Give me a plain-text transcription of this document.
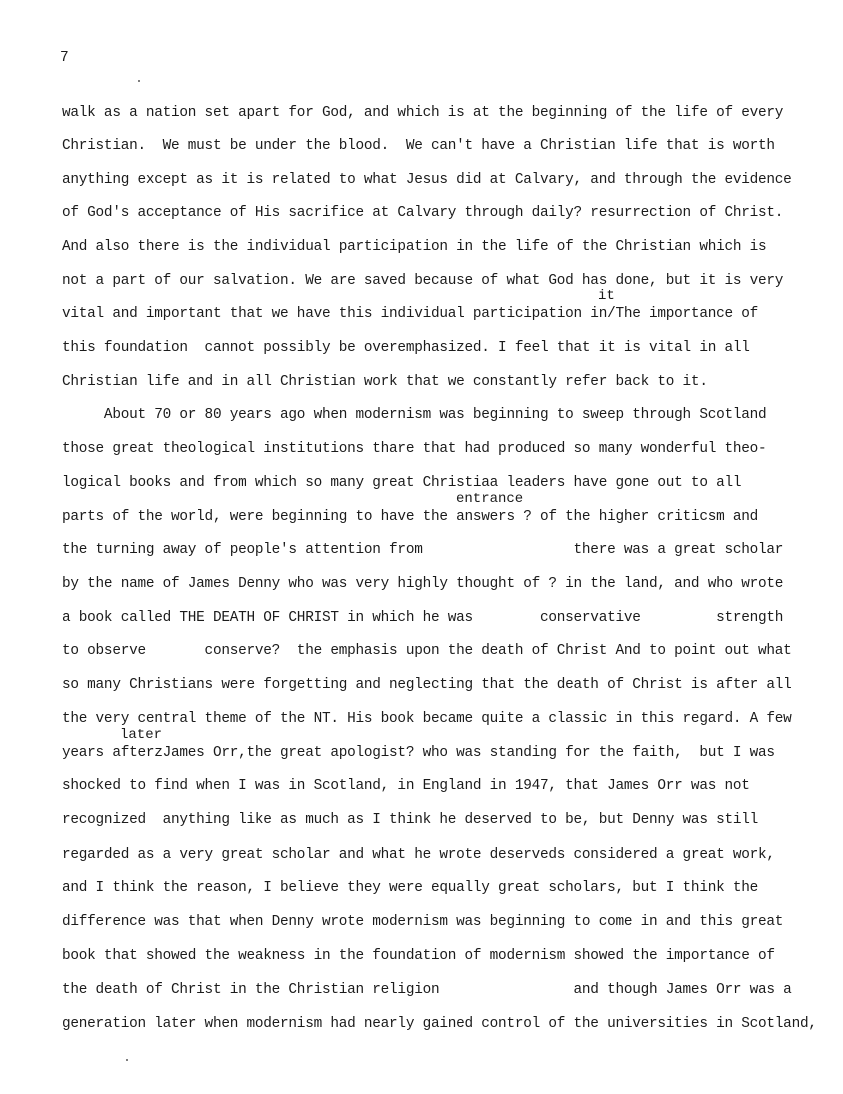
7
walk as a nation set apart for God, and which is at the beginning of the life of every
Christian.  We must be under the blood.  We can't have a Christian life that is worth
anything except as it is related to what Jesus did at Calvary, and through the evidence
of God's acceptance of His sacrifice at Calvary through daily? resurrection of Christ.
And also there is the individual participation in the life of the Christian which is
not a part of our salvation. We are saved because of what God has done, but it is very
it
vital and important that we have this individual participation in/The importance of
this foundation  cannot possibly be overemphasized. I feel that it is vital in all
Christian life and in all Christian work that we constantly refer back to it.
About 70 or 80 years ago when modernism was beginning to sweep through Scotland
those great theological institutions thare that had produced so many wonderful theo-
logical books and from which so many great Christiaa leaders have gone out to all
entrance
parts of the world, were beginning to have the answers ? of the higher criticsm and
the turning away of people's attention from                  there was a great scholar
by the name of James Denny who was very highly thought of ? in the land, and who wrote
a book called THE DEATH OF CHRIST in which he was        conservative         strength
to observe       conserve?  the emphasis upon the death of Christ And to point out what
so many Christians were forgetting and neglecting that the death of Christ is after all
the very central theme of the NT. His book became quite a classic in this regard. A few
later
years afterzJames Orr,the great apologist? who was standing for the faith,  but I was
shocked to find when I was in Scotland, in England in 1947, that James Orr was not
recognized  anything like as much as I think he deserved to be, but Denny was still
regarded as a very great scholar and what he wrote deserveds considered a great work,
and I think the reason, I believe they were equally great scholars, but I think the
difference was that when Denny wrote modernism was beginning to come in and this great
book that showed the weakness in the foundation of modernism showed the importance of
the death of Christ in the Christian religion                and though James Orr was a
generation later when modernism had nearly gained control of the universities in Scotland,
